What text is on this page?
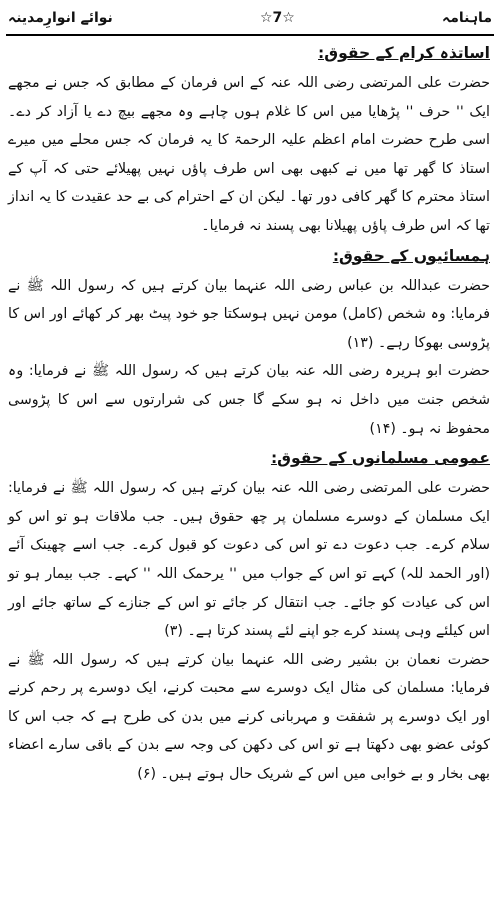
ماہنامہ
☆7☆
نوائے انوارِمدینہ
اساتذہ کرام کے حقوق:

حضرت علی المرتضی رضی اللہ عنہ کے اس فرمان کے مطابق کہ جس نے مجھے ایک '' حرف '' پڑھایا میں اس کا غلام ہوں چاہے وہ مجھے بیچ دے یا آزاد کر دے۔ اسی طرح حضرت امام اعظم علیہ الرحمۃ کا یہ فرمان کہ جس محلے میں میرے استاذ کا گھر تھا میں نے کبھی بھی اس طرف پاؤں نہیں پھیلائے حتی کہ آپ کے استاذ محترم کا گھر کافی دور تھا۔ لیکن ان کے احترام کی بے حد عقیدت کا یہ انداز تھا کہ اس طرف پاؤں پھیلانا بھی پسند نہ فرمایا۔

ہمسائیوں کے حقوق:

حضرت عبداللہ بن عباس رضی اللہ عنہما بیان کرتے ہیں کہ رسول اللہ ﷺ نے فرمایا: وہ شخص (کامل) مومن نہیں ہوسکتا جو خود پیٹ بھر کر کھائے اور اس کا پڑوسی بھوکا رہے۔ (۱۳)

حضرت ابو ہریرہ رضی اللہ عنہ بیان کرتے ہیں کہ رسول اللہ ﷺ نے فرمایا: وہ شخص جنت میں داخل نہ ہو سکے گا جس کی شرارتوں سے اس کا پڑوسی محفوظ نہ ہو۔ (۱۴)

عمومی مسلمانوں کے حقوق:

حضرت علی المرتضی رضی اللہ عنہ بیان کرتے ہیں کہ رسول اللہ ﷺ نے فرمایا: ایک مسلمان کے دوسرے مسلمان پر چھ حقوق ہیں۔ جب ملاقات ہو تو اس کو سلام کرے۔ جب دعوت دے تو اس کی دعوت کو قبول کرے۔ جب اسے چھینک آئے (اور الحمد للہ) کہے تو اس کے جواب میں '' یرحمک اللہ '' کہے۔ جب بیمار ہو تو اس کی عیادت کو جائے۔ جب انتقال کر جائے تو اس کے جنازے کے ساتھ جائے اور اس کیلئے وہی پسند کرے جو اپنے لئے پسند کرتا ہے۔ (۳)

حضرت نعمان بن بشیر رضی اللہ عنہما بیان کرتے ہیں کہ رسول اللہ ﷺ نے فرمایا: مسلمان کی مثال ایک دوسرے سے محبت کرنے، ایک دوسرے پر رحم کرنے اور ایک دوسرے پر شفقت و مہربانی کرنے میں بدن کی طرح ہے کہ جب اس کا کوئی عضو بھی دکھتا ہے تو اس کی دکھن کی وجہ سے بدن کے باقی سارے اعضاء بھی بخار و بے خوابی میں اس کے شریک حال ہوتے ہیں۔ (۶)
